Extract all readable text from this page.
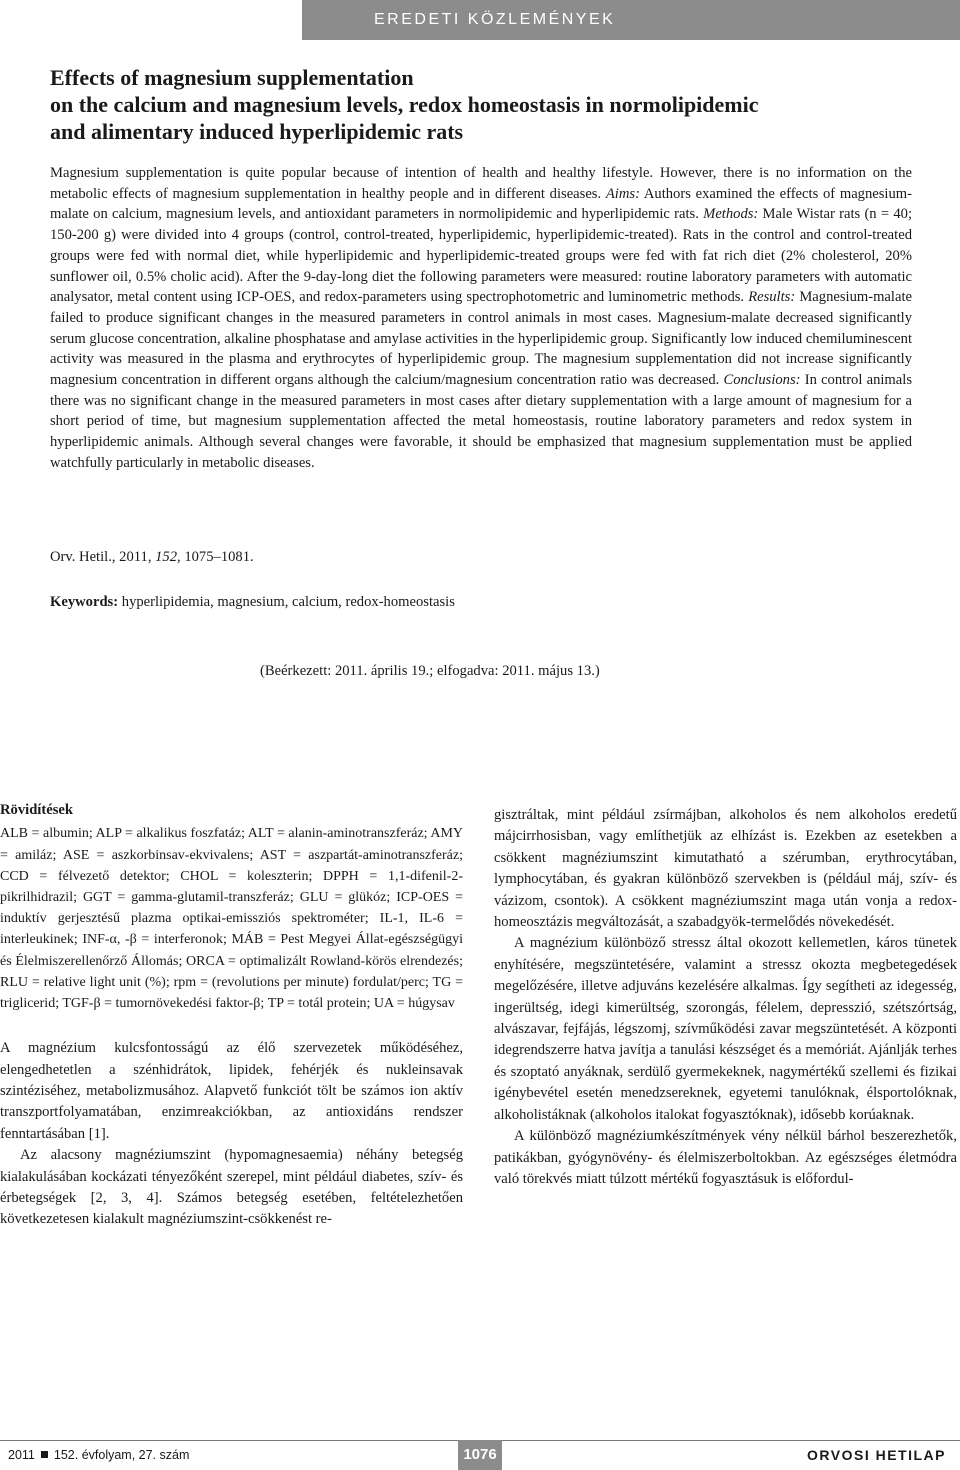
EREDETI KÖZLEMÉNYEK
Effects of magnesium supplementation
on the calcium and magnesium levels, redox homeostasis in normolipidemic
and alimentary induced hyperlipidemic rats

Magnesium supplementation is quite popular because of intention of health and healthy lifestyle. However, there is no information on the metabolic effects of magnesium supplementation in healthy people and in different diseases. Aims: Authors examined the effects of magnesium-malate on calcium, magnesium levels, and antioxidant parameters in normolipidemic and hyperlipidemic rats. Methods: Male Wistar rats (n = 40; 150-200 g) were divided into 4 groups (control, control-treated, hyperlipidemic, hyperlipidemic-treated). Rats in the control and control-treated groups were fed with normal diet, while hyperlipidemic and hyperlipidemic-treated groups were fed with fat rich diet (2% cholesterol, 20% sunflower oil, 0.5% cholic acid). After the 9-day-long diet the following parameters were measured: routine laboratory parameters with automatic analysator, metal content using ICP-OES, and redox-parameters using spectrophotometric and luminometric methods. Results: Magnesium-malate failed to produce significant changes in the measured parameters in control animals in most cases. Magnesium-malate decreased significantly serum glucose concentration, alkaline phosphatase and amylase activities in the hyperlipidemic group. Significantly low induced chemiluminescent activity was measured in the plasma and erythrocytes of hyperlipidemic group. The magnesium supplementation did not increase significantly magnesium concentration in different organs although the calcium/magnesium concentration ratio was decreased. Conclusions: In control animals there was no significant change in the measured parameters in most cases after dietary supplementation with a large amount of magnesium for a short period of time, but magnesium supplementation affected the metal homeostasis, routine laboratory parameters and redox system in hyperlipidemic animals. Although several changes were favorable, it should be emphasized that magnesium supplementation must be applied watchfully particularly in metabolic diseases.

Orv. Hetil., 2011, 152, 1075–1081.
Keywords: hyperlipidemia, magnesium, calcium, redox-homeostasis
(Beérkezett: 2011. április 19.; elfogadva: 2011. május 13.)
Rövidítések
ALB = albumin; ALP = alkalikus foszfatáz; ALT = alanin-aminotranszferáz; AMY = amiláz; ASE = aszkorbinsav-ekvivalens; AST = aszpartát-aminotranszferáz; CCD = félvezető detektor; CHOL = koleszterin; DPPH = 1,1-difenil-2-pikrilhidrazil; GGT = gamma-glutamil-transzferáz; GLU = glükóz; ICP-OES = induktív gerjesztésű plazma optikai-emissziós spektrométer; IL-1, IL-6 = interleukinek; INF-α, -β = interferonok; MÁB = Pest Megyei Állat-egészségügyi és Élelmiszerellenőrző Állomás; ORCA = optimalizált Rowland-körös elrendezés; RLU = relative light unit (%); rpm = (revolutions per minute) fordulat/perc; TG = triglicerid; TGF-β = tumornövekedési faktor-β; TP = totál protein; UA = húgysav

A magnézium kulcsfontosságú az élő szervezetek működéséhez, elengedhetetlen a szénhidrátok, lipidek, fehérjék és nukleinsavak szintéziséhez, metabolizmusához. Alapvető funkciót tölt be számos ion aktív transzportfolyamatában, enzimreakciókban, az antioxidáns rendszer fenntartásában [1].

Az alacsony magnéziumszint (hypomagnesaemia) néhány betegség kialakulásában kockázati tényezőként szerepel, mint például diabetes, szív- és érbetegségek [2, 3, 4]. Számos betegség esetében, feltételezhetően következetesen kialakult magnéziumszint-csökkenést re-

gisztráltak, mint például zsírmájban, alkoholos és nem alkoholos eredetű májcirrhosisban, vagy említhetjük az elhízást is. Ezekben az esetekben a csökkent magnéziumszint kimutatható a szérumban, erythrocytában, lymphocytában, és gyakran különböző szervekben is (például máj, szív- és vázizom, csontok). A csökkent magnéziumszint maga után vonja a redox-homeosztázis megváltozását, a szabadgyök-termelődés növekedését.

A magnézium különböző stressz által okozott kellemetlen, káros tünetek enyhítésére, megszüntetésére, valamint a stressz okozta megbetegedések megelőzésére, illetve adjuváns kezelésére alkalmas. Így segítheti az idegesség, ingerültség, idegi kimerültség, szorongás, félelem, depresszió, szétszórtság, alvászavar, fejfájás, légszomj, szívműködési zavar megszüntetését. A központi idegrendszerre hatva javítja a tanulási készséget és a memóriát. Ajánlják terhes és szoptató anyáknak, serdülő gyermekeknek, nagymértékű szellemi és fizikai igénybevétel esetén menedzsereknek, egyetemi tanulóknak, élsportolóknak, alkoholistáknak (alkoholos italokat fogyasztóknak), idősebb korúaknak.

A különböző magnéziumkészítmények vény nélkül bárhol beszerezhetők, patikákban, gyógynövény- és élelmiszerboltokban. Az egészséges életmódra való törekvés miatt túlzott mértékű fogyasztásuk is előfordul-

2011 152. évfolyam, 27. szám	1076	ORVOSI HETILAP
